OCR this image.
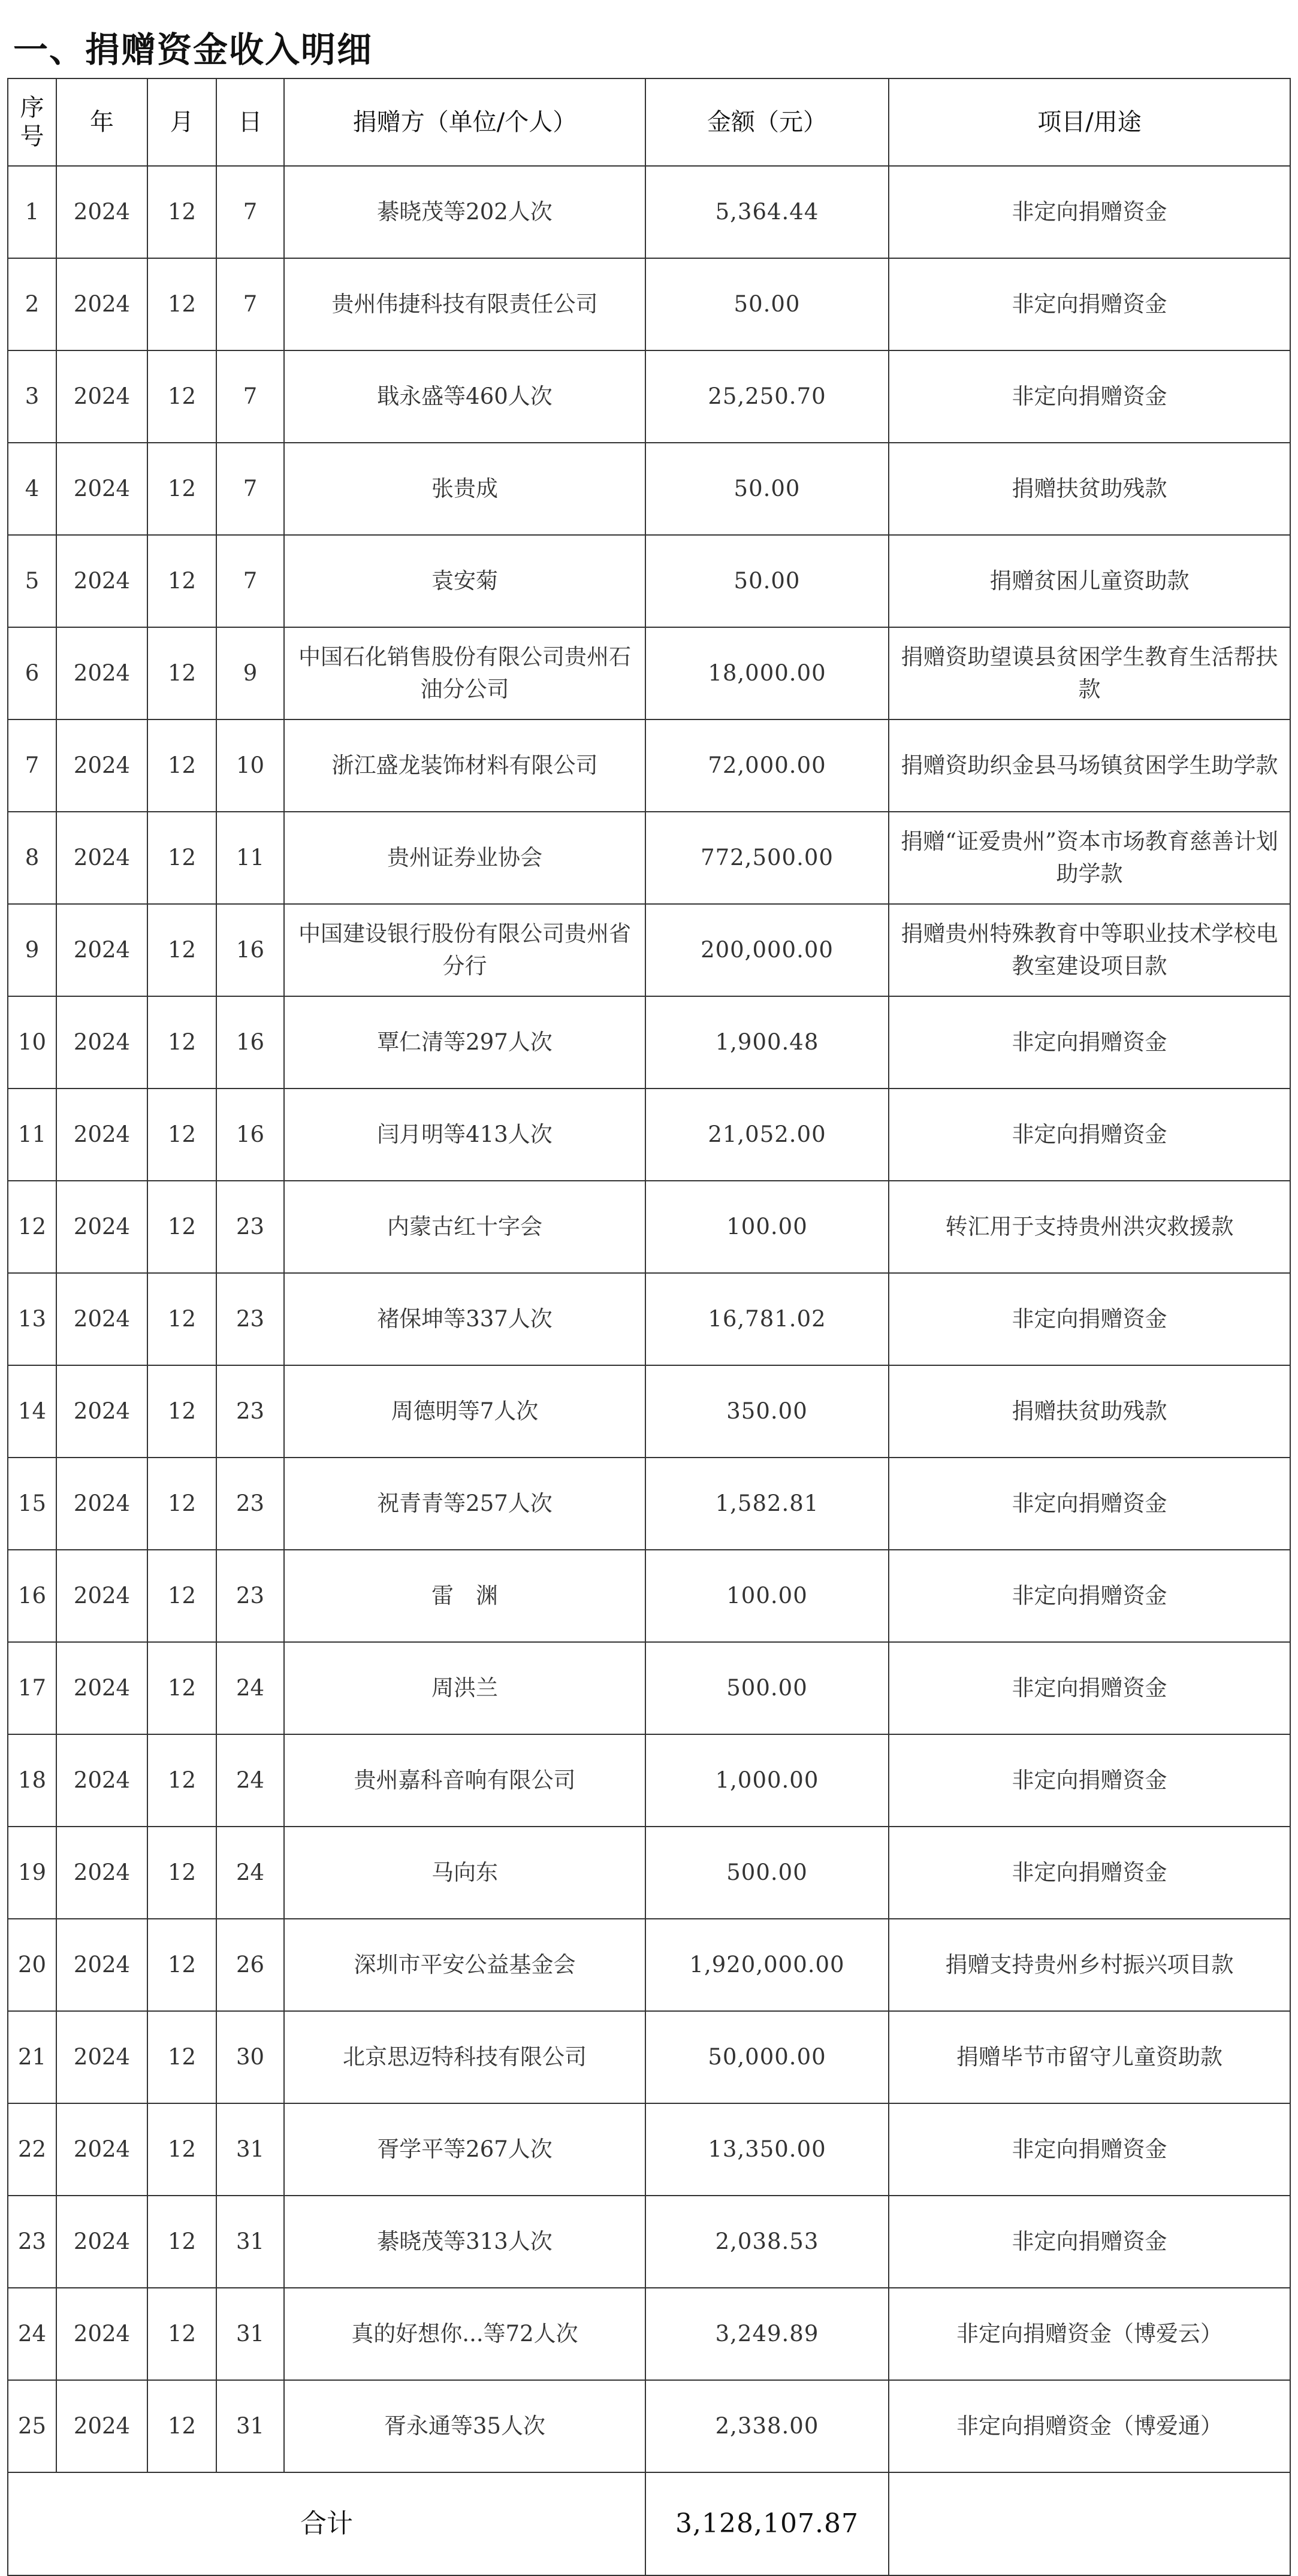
一、捐赠资金收入明细
序号	年	月	日	捐赠方（单位/个人）	金额（元）	项目/用途
1	2024	12	7	綦晓茂等202人次	5,364.44	非定向捐赠资金
2	2024	12	7	贵州伟捷科技有限责任公司	50.00	非定向捐赠资金
3	2024	12	7	戢永盛等460人次	25,250.70	非定向捐赠资金
4	2024	12	7	张贵成	50.00	捐赠扶贫助残款
5	2024	12	7	袁安菊	50.00	捐赠贫困儿童资助款
6	2024	12	9	中国石化销售股份有限公司贵州石油分公司	18,000.00	捐赠资助望谟县贫困学生教育生活帮扶款
7	2024	12	10	浙江盛龙装饰材料有限公司	72,000.00	捐赠资助织金县马场镇贫困学生助学款
8	2024	12	11	贵州证券业协会	772,500.00	捐赠“证爱贵州”资本市场教育慈善计划助学款
9	2024	12	16	中国建设银行股份有限公司贵州省分行	200,000.00	捐赠贵州特殊教育中等职业技术学校电教室建设项目款
10	2024	12	16	覃仁清等297人次	1,900.48	非定向捐赠资金
11	2024	12	16	闫月明等413人次	21,052.00	非定向捐赠资金
12	2024	12	23	内蒙古红十字会	100.00	转汇用于支持贵州洪灾救援款
13	2024	12	23	褚保坤等337人次	16,781.02	非定向捐赠资金
14	2024	12	23	周德明等7人次	350.00	捐赠扶贫助残款
15	2024	12	23	祝青青等257人次	1,582.81	非定向捐赠资金
16	2024	12	23	雷　渊	100.00	非定向捐赠资金
17	2024	12	24	周洪兰	500.00	非定向捐赠资金
18	2024	12	24	贵州嘉科音响有限公司	1,000.00	非定向捐赠资金
19	2024	12	24	马向东	500.00	非定向捐赠资金
20	2024	12	26	深圳市平安公益基金会	1,920,000.00	捐赠支持贵州乡村振兴项目款
21	2024	12	30	北京思迈特科技有限公司	50,000.00	捐赠毕节市留守儿童资助款
22	2024	12	31	胥学平等267人次	13,350.00	非定向捐赠资金
23	2024	12	31	綦晓茂等313人次	2,038.53	非定向捐赠资金
24	2024	12	31	真的好想你...等72人次	3,249.89	非定向捐赠资金（博爱云）
25	2024	12	31	胥永通等35人次	2,338.00	非定向捐赠资金（博爱通）
合计					3,128,107.87	
